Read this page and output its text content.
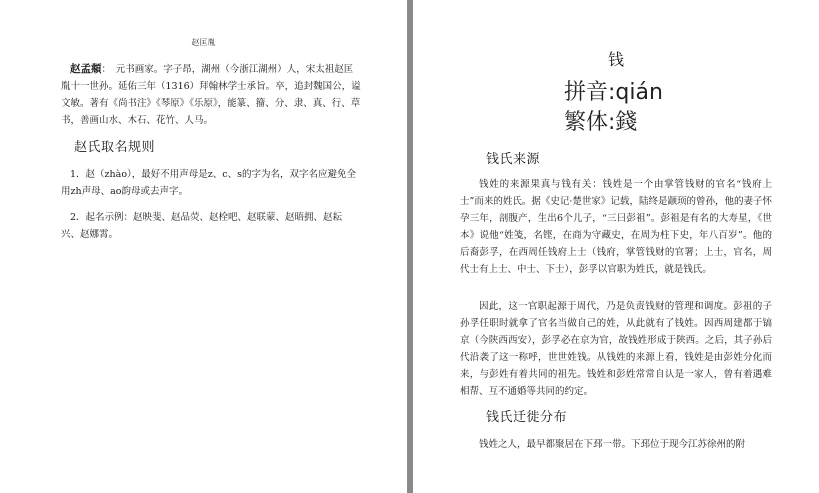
赵匡胤
赵孟頫：　元书画家。字子昂，湖州（今浙江湖州）人，宋太祖赵匡胤十一世孙。延佑三年（1316）拜翰林学士承旨。卒，追封魏国公，谥文敏。著有《尚书注》《琴原》《乐原》，能篆、籀、分、隶、真、行、草书，善画山水、木石、花竹、人马。
赵氏取名规则
1．赵（zhào），最好不用声母是z、c、s的字为名，双字名应避免全用zh声母、ao韵母或去声字。
2．起名示例：赵映斐、赵品荧、赵栓吧、赵联蒙、赵晤拥、赵耘兴、赵娜霄。
钱
拼音:qián
繁体:錢
钱氏来源
钱姓的来源果真与钱有关：钱姓是一个由掌管钱财的官名“钱府上士”而来的姓氏。据《史记·楚世家》记载，陆终是颛顼的曾孙，他的妻子怀孕三年，剖腹产，生出6个儿子，“三曰彭祖”。彭祖是有名的大寿星，《世本》说他“姓笺，名铿，在商为守藏史，在周为柱下史，年八百岁”。他的后裔彭孚，在西周任钱府上士（钱府，掌管钱财的官署；上士，官名，周代士有上士、中士、下士），彭孚以官职为姓氏，就是钱氏。
因此，这一官职起源于周代，乃是负责钱财的管理和调度。彭祖的子孙孚任职时就拿了官名当做自己的姓，从此就有了钱姓。因西周建都于镐京（今陕西西安），彭孚必在京为官，故钱姓形成于陕西。之后，其子孙后代沿袭了这一称呼，世世姓钱。从钱姓的来源上看，钱姓是由彭姓分化而来，与彭姓有着共同的祖先。钱姓和彭姓常常自认是一家人，曾有着遇难相帮、互不通婚等共同的约定。
钱氏迁徙分布
钱姓之人，最早都聚居在下邳一带。下邳位于现今江苏徐州的附
